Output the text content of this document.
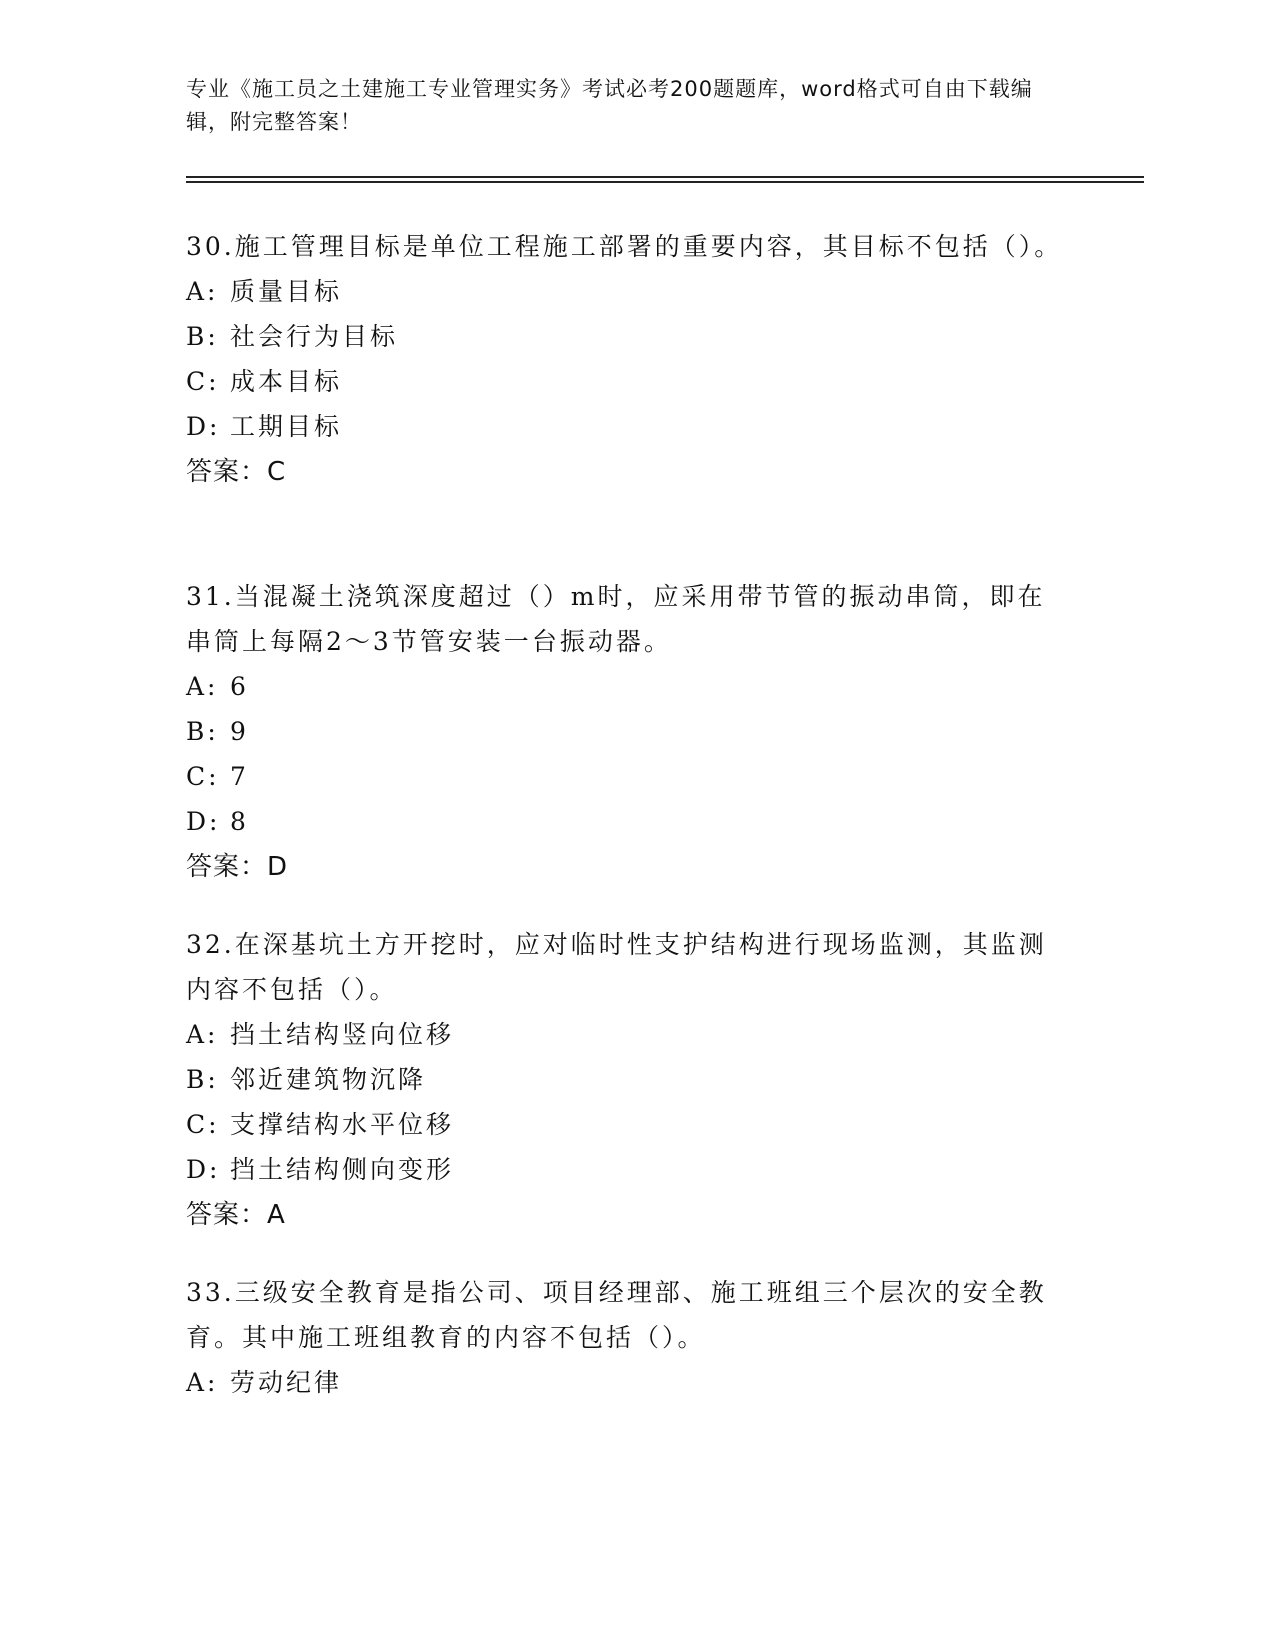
专业《施工员之土建施工专业管理实务》考试必考200题题库，word格式可自由下载编辑，附完整答案！

30.施工管理目标是单位工程施工部署的重要内容，其目标不包括（）。

A: 质量目标
B: 社会行为目标
C: 成本目标
D: 工期目标
答案：C

31.当混凝土浇筑深度超过（）m时，应采用带节管的振动串筒，即在串筒上每隔2～3节管安装一台振动器。

A: 6
B: 9
C: 7
D: 8
答案：D

32.在深基坑土方开挖时，应对临时性支护结构进行现场监测，其监测内容不包括（）。

A: 挡土结构竖向位移
B: 邻近建筑物沉降
C: 支撑结构水平位移
D: 挡土结构侧向变形
答案：A

33.三级安全教育是指公司、项目经理部、施工班组三个层次的安全教育。其中施工班组教育的内容不包括（）。

A: 劳动纪律
